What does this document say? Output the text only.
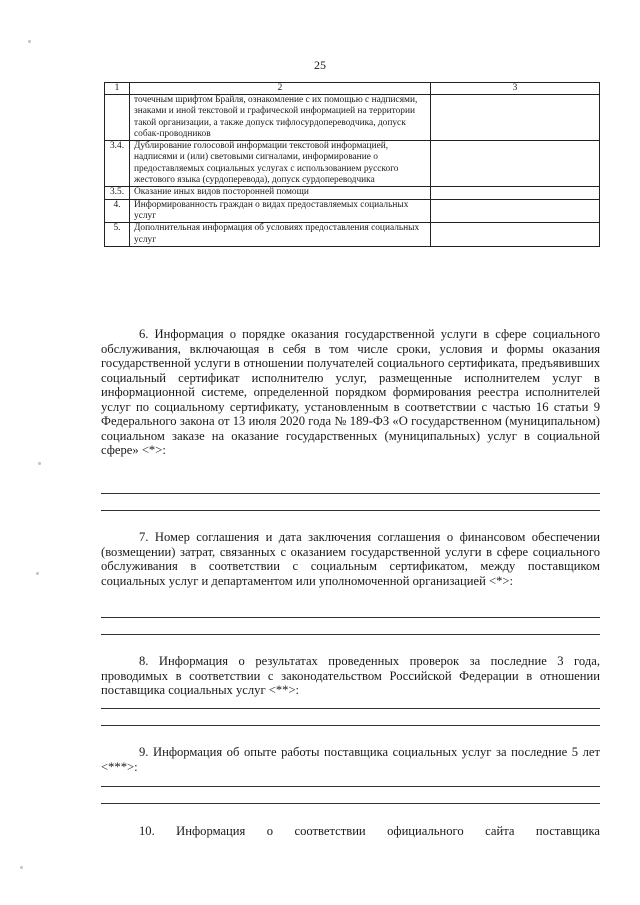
25
1	2	3
	точечным шрифтом Брайля, ознакомление с их помощью с надписями, знаками и иной текстовой и графической информацией на территории такой организации, а также допуск тифлосурдопереводчика, допуск собак-проводников	
3.4.	Дублирование голосовой информации текстовой информацией, надписями и (или) световыми сигналами, информирование о предоставляемых социальных услугах с использованием русского жестового языка (сурдоперевода), допуск сурдопереводчика	
3.5.	Оказание иных видов посторонней помощи	
4.	Информированность граждан о видах предоставляемых социальных услуг	
5.	Дополнительная информация об условиях предоставления социальных услуг	

6. Информация о порядке оказания государственной услуги в сфере социального обслуживания, включающая в себя в том числе сроки, условия и формы оказания государственной услуги в отношении получателей социального сертификата, предъявивших социальный сертификат исполнителю услуг, размещенные исполнителем услуг в информационной системе, определенной порядком формирования реестра исполнителей услуг по социальному сертификату, установленным в соответствии с частью 16 статьи 9 Федерального закона от 13 июля 2020 года № 189-ФЗ «О государственном (муниципальном) социальном заказе на оказание государственных (муниципальных) услуг в социальной сфере» <*>:

7. Номер соглашения и дата заключения соглашения о финансовом обеспечении (возмещении) затрат, связанных с оказанием государственной услуги в сфере социального обслуживания в соответствии с социальным сертификатом, между поставщиком социальных услуг и департаментом или уполномоченной организацией <*>:

8. Информация о результатах проведенных проверок за последние 3 года, проводимых в соответствии с законодательством Российской Федерации в отношении поставщика социальных услуг <**>:

9. Информация об опыте работы поставщика социальных услуг за последние 5 лет <***>:

10. Информация о соответствии официального сайта поставщика
